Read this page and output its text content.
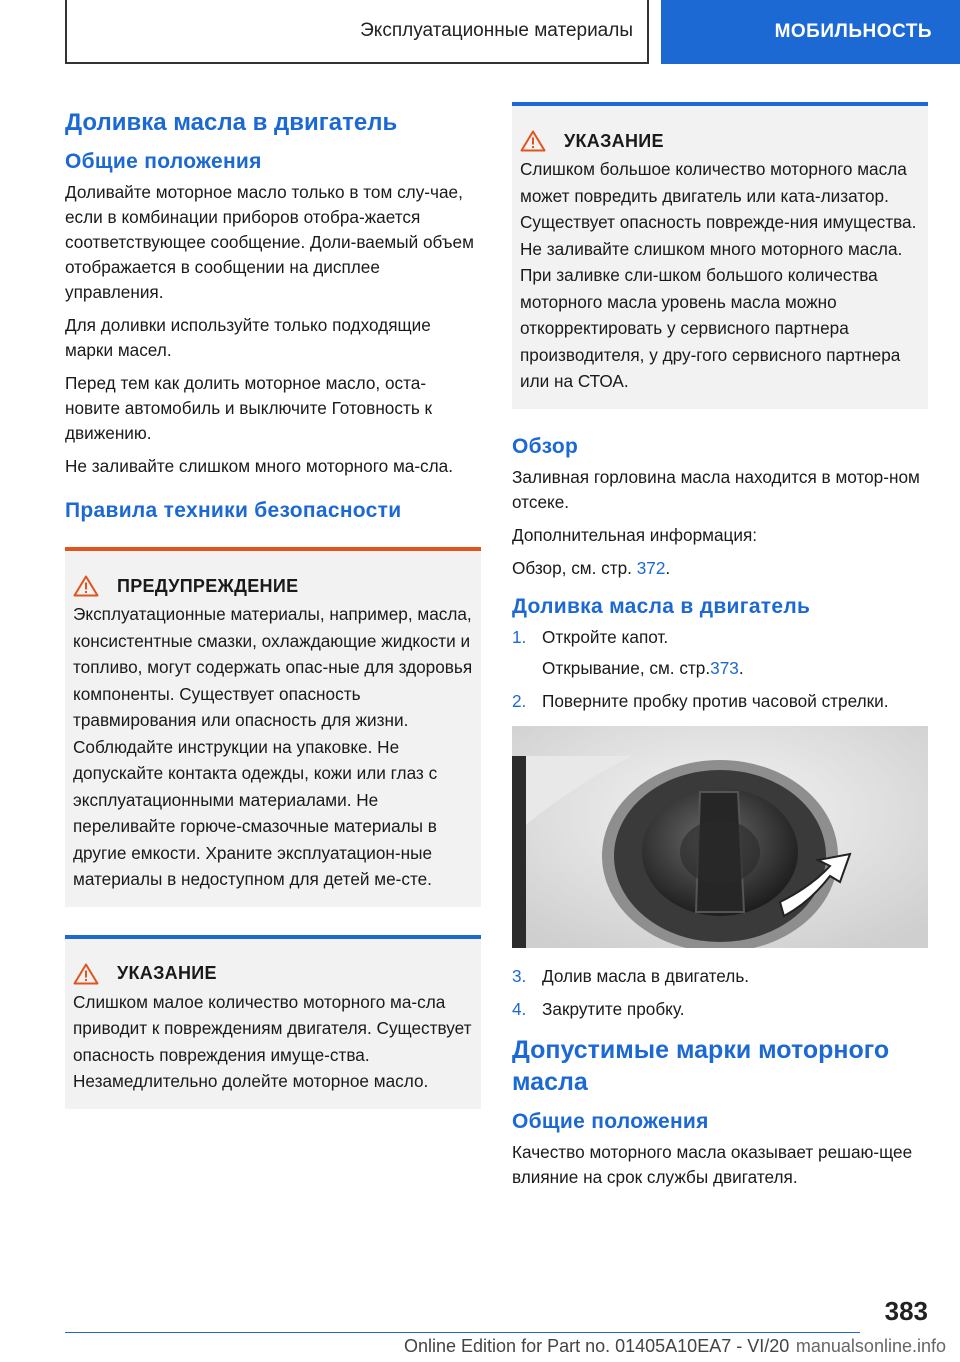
Эксплуатационные материалы	МОБИЛЬНОСТЬ
Доливка масла в двигатель
Общие положения

Доливайте моторное масло только в том слу-чае, если в комбинации приборов отобра-жается соответствующее сообщение. Доли-ваемый объем отображается в сообщении на дисплее управления.

Для доливки используйте только подходящие марки масел.

Перед тем как долить моторное масло, оста-новите автомобиль и выключите Готовность к движению.

Не заливайте слишком много моторного ма-сла.

Правила техники безопасности
ПРЕДУПРЕЖДЕНИЕ

Эксплуатационные материалы, например, масла, консистентные смазки, охлаждающие жидкости и топливо, могут содержать опас-ные для здоровья компоненты. Существует опасность травмирования или опасность для жизни. Соблюдайте инструкции на упаковке. Не допускайте контакта одежды, кожи или глаз с эксплуатационными материалами. Не переливайте горюче-смазочные материалы в другие емкости. Храните эксплуатацион-ные материалы в недоступном для детей ме-сте.

УКАЗАНИЕ

Слишком малое количество моторного ма-сла приводит к повреждениям двигателя. Существует опасность повреждения имуще-ства. Незамедлительно долейте моторное масло.

УКАЗАНИЕ

Слишком большое количество моторного масла может повредить двигатель или ката-лизатор. Существует опасность поврежде-ния имущества. Не заливайте слишком много моторного масла. При заливке сли-шком большого количества моторного масла уровень масла можно откорректировать у сервисного партнера производителя, у дру-гого сервисного партнера или на СТОА.

Обзор

Заливная горловина масла находится в мотор-ном отсеке.

Дополнительная информация:

Обзор, см. стр. 372.

Доливка масла в двигатель
1. Откройте капот.
Открывание, см. стр. 373 .
2. Поверните пробку против часовой стрелки.
3. Долив масла в двигатель.
4. Закрутите пробку.
Допустимые марки моторного масла
Общие положения

Качество моторного масла оказывает решаю-щее влияние на срок службы двигателя.

383
Online Edition for Part no. 01405A10EA7 - VI/20 manualsonline.info
